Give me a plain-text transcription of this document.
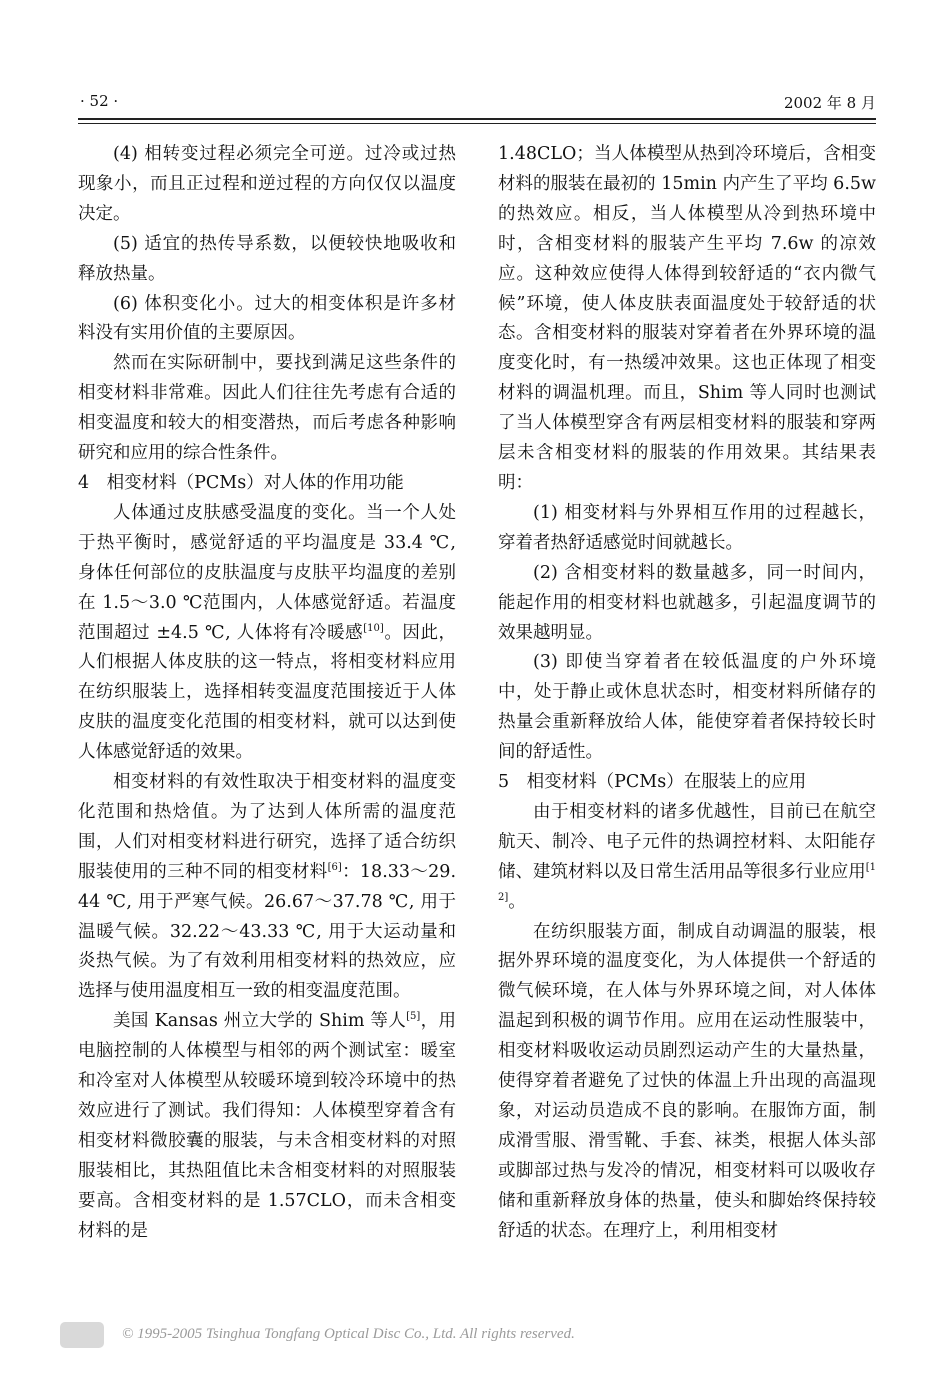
· 52 ·	2002 年 8 月

(4) 相转变过程必须完全可逆。过冷或过热现象小，而且正过程和逆过程的方向仅仅以温度决定。

(5) 适宜的热传导系数，以便较快地吸收和释放热量。

(6) 体积变化小。过大的相变体积是许多材料没有实用价值的主要原因。

然而在实际研制中，要找到满足这些条件的相变材料非常难。因此人们往往先考虑有合适的相变温度和较大的相变潜热，而后考虑各种影响研究和应用的综合性条件。

4　相变材料（PCMs）对人体的作用功能

人体通过皮肤感受温度的变化。当一个人处于热平衡时，感觉舒适的平均温度是 33.4 ℃, 身体任何部位的皮肤温度与皮肤平均温度的差别在 1.5～3.0 ℃范围内，人体感觉舒适。若温度范围超过 ±4.5 ℃, 人体将有冷暖感[10]。因此，人们根据人体皮肤的这一特点，将相变材料应用在纺织服装上，选择相转变温度范围接近于人体皮肤的温度变化范围的相变材料，就可以达到使人体感觉舒适的效果。

相变材料的有效性取决于相变材料的温度变化范围和热焓值。为了达到人体所需的温度范围，人们对相变材料进行研究，选择了适合纺织服装使用的三种不同的相变材料[6]：18.33～29.44 ℃, 用于严寒气候。26.67～37.78 ℃, 用于温暖气候。32.22～43.33 ℃, 用于大运动量和炎热气候。为了有效利用相变材料的热效应，应选择与使用温度相互一致的相变温度范围。

美国 Kansas 州立大学的 Shim 等人[5]，用电脑控制的人体模型与相邻的两个测试室：暖室和冷室对人体模型从较暖环境到较冷环境中的热效应进行了测试。我们得知：人体模型穿着含有相变材料微胶囊的服装，与未含相变材料的对照服装相比，其热阻值比未含相变材料的对照服装要高。含相变材料的是 1.57CLO，而未含相变材料的是

1.48CLO；当人体模型从热到冷环境后，含相变材料的服装在最初的 15min 内产生了平均 6.5w 的热效应。相反，当人体模型从冷到热环境中时，含相变材料的服装产生平均 7.6w 的凉效应。这种效应使得人体得到较舒适的“衣内微气候”环境，使人体皮肤表面温度处于较舒适的状态。含相变材料的服装对穿着者在外界环境的温度变化时，有一热缓冲效果。这也正体现了相变材料的调温机理。而且，Shim 等人同时也测试了当人体模型穿含有两层相变材料的服装和穿两层未含相变材料的服装的作用效果。其结果表明：

(1) 相变材料与外界相互作用的过程越长，穿着者热舒适感觉时间就越长。

(2) 含相变材料的数量越多，同一时间内，能起作用的相变材料也就越多，引起温度调节的效果越明显。

(3) 即使当穿着者在较低温度的户外环境中，处于静止或休息状态时，相变材料所储存的热量会重新释放给人体，能使穿着者保持较长时间的舒适性。

5　相变材料（PCMs）在服装上的应用

由于相变材料的诸多优越性，目前已在航空航天、制冷、电子元件的热调控材料、太阳能存储、建筑材料以及日常生活用品等很多行业应用[12]。

在纺织服装方面，制成自动调温的服装，根据外界环境的温度变化，为人体提供一个舒适的微气候环境，在人体与外界环境之间，对人体体温起到积极的调节作用。应用在运动性服装中，相变材料吸收运动员剧烈运动产生的大量热量，使得穿着者避免了过快的体温上升出现的高温现象，对运动员造成不良的影响。在服饰方面，制成滑雪服、滑雪靴、手套、袜类，根据人体头部或脚部过热与发冷的情况，相变材料可以吸收存储和重新释放身体的热量，使头和脚始终保持较舒适的状态。在理疗上，利用相变材

© 1995-2005 Tsinghua Tongfang Optical Disc Co., Ltd. All rights reserved.
